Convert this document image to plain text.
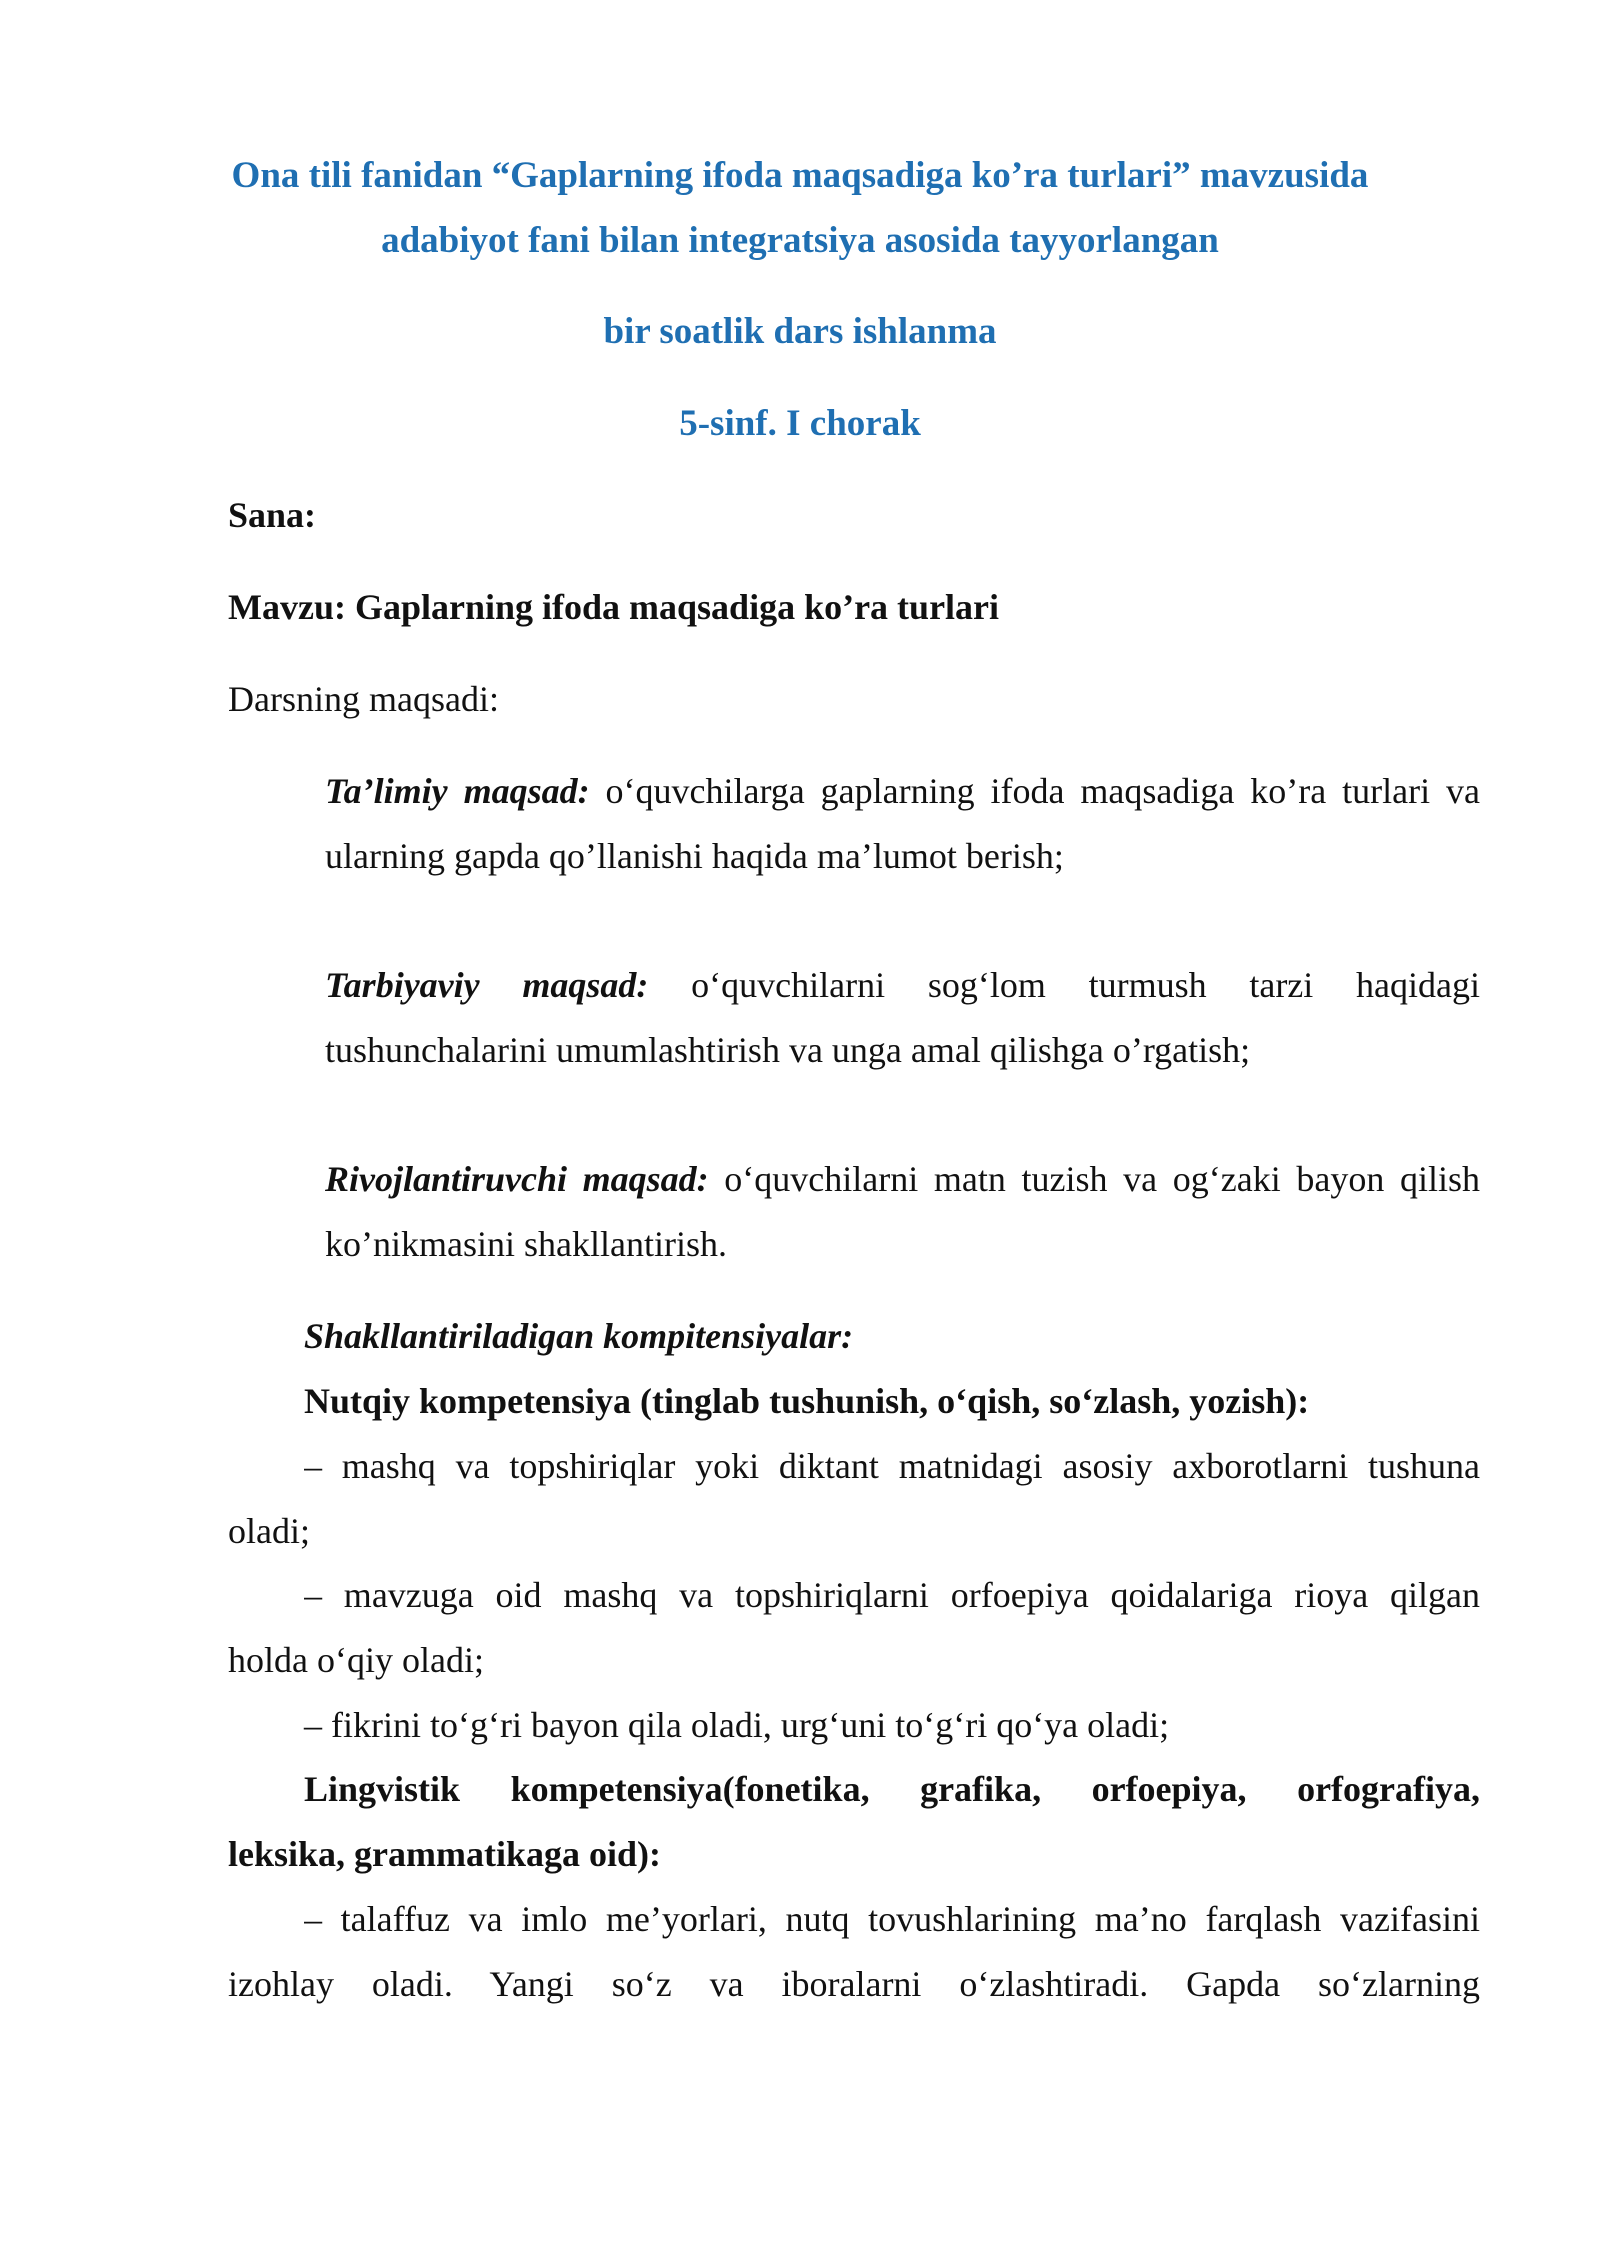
Ona tili fanidan “Gaplarning ifoda maqsadiga ko’ra turlari” mavzusida
adabiyot fani bilan integratsiya asosida tayyorlangan
bir soatlik dars ishlanma
5-sinf. I chorak
Sana:
Mavzu: Gaplarning ifoda maqsadiga ko’ra turlari
Darsning maqsadi:
Ta’limiy maqsad: o‘quvchilarga gaplarning ifoda maqsadiga ko’ra turlari va
ularning gapda qo’llanishi haqida ma’lumot berish;
Tarbiyaviy maqsad: o‘quvchilarni sog‘lom turmush tarzi haqidagi
tushunchalarini umumlashtirish va unga amal qilishga o’rgatish;
Rivojlantiruvchi maqsad: o‘quvchilarni matn tuzish va og‘zaki bayon qilish
ko’nikmasini shakllantirish.
Shakllantiriladigan kompitensiyalar:
Nutqiy kompetensiya (tinglab tushunish, o‘qish, so‘zlash, yozish):
– mashq va topshiriqlar yoki diktant matnidagi asosiy axborotlarni tushuna
oladi;
– mavzuga oid mashq va topshiriqlarni orfoepiya qoidalariga rioya qilgan
holda o‘qiy oladi;
– fikrini to‘g‘ri bayon qila oladi, urg‘uni to‘g‘ri qo‘ya oladi;
Lingvistik kompetensiya(fonetika, grafika, orfoepiya, orfografiya,
leksika, grammatikaga oid):
– talaffuz va imlo me’yorlari, nutq tovushlarining ma’no farqlash vazifasini
izohlay oladi. Yangi so‘z va iboralarni o‘zlashtiradi. Gapda so‘zlarning
